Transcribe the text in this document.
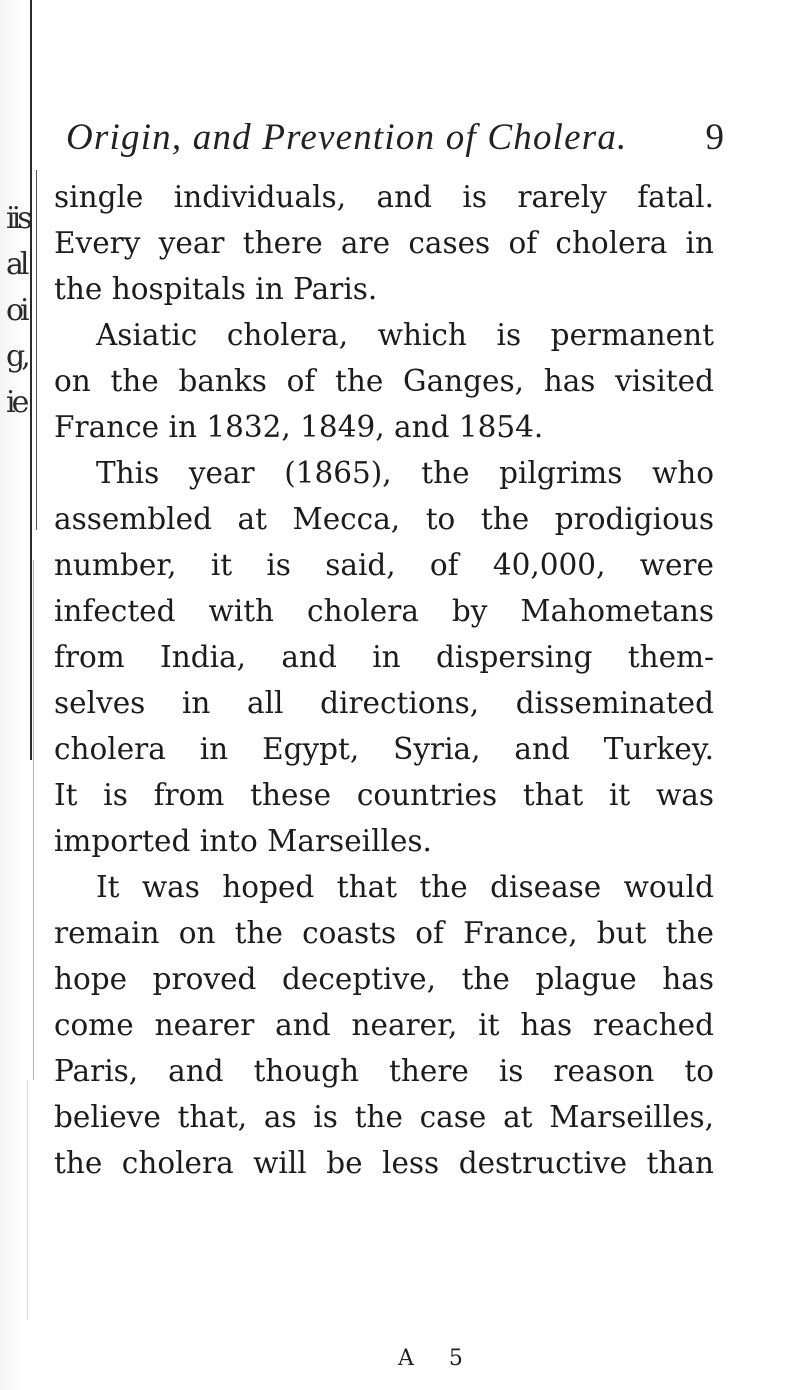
iis
al
oi
g,
ie
Origin, and Prevention of Cholera. 9
single individuals, and is rarely fatal.
Every year there are cases of cholera in
the hospitals in Paris.
Asiatic cholera, which is permanent
on the banks of the Ganges, has visited
France in 1832, 1849, and 1854.
This year (1865), the pilgrims who
assembled at Mecca, to the prodigious
number, it is said, of 40,000, were
infected with cholera by Mahometans
from India, and in dispersing them-
selves in all directions, disseminated
cholera in Egypt, Syria, and Turkey.
It is from these countries that it was
imported into Marseilles.
It was hoped that the disease would
remain on the coasts of France, but the
hope proved deceptive, the plague has
come nearer and nearer, it has reached
Paris, and though there is reason to
believe that, as is the case at Marseilles,
the cholera will be less destructive than
A 5
